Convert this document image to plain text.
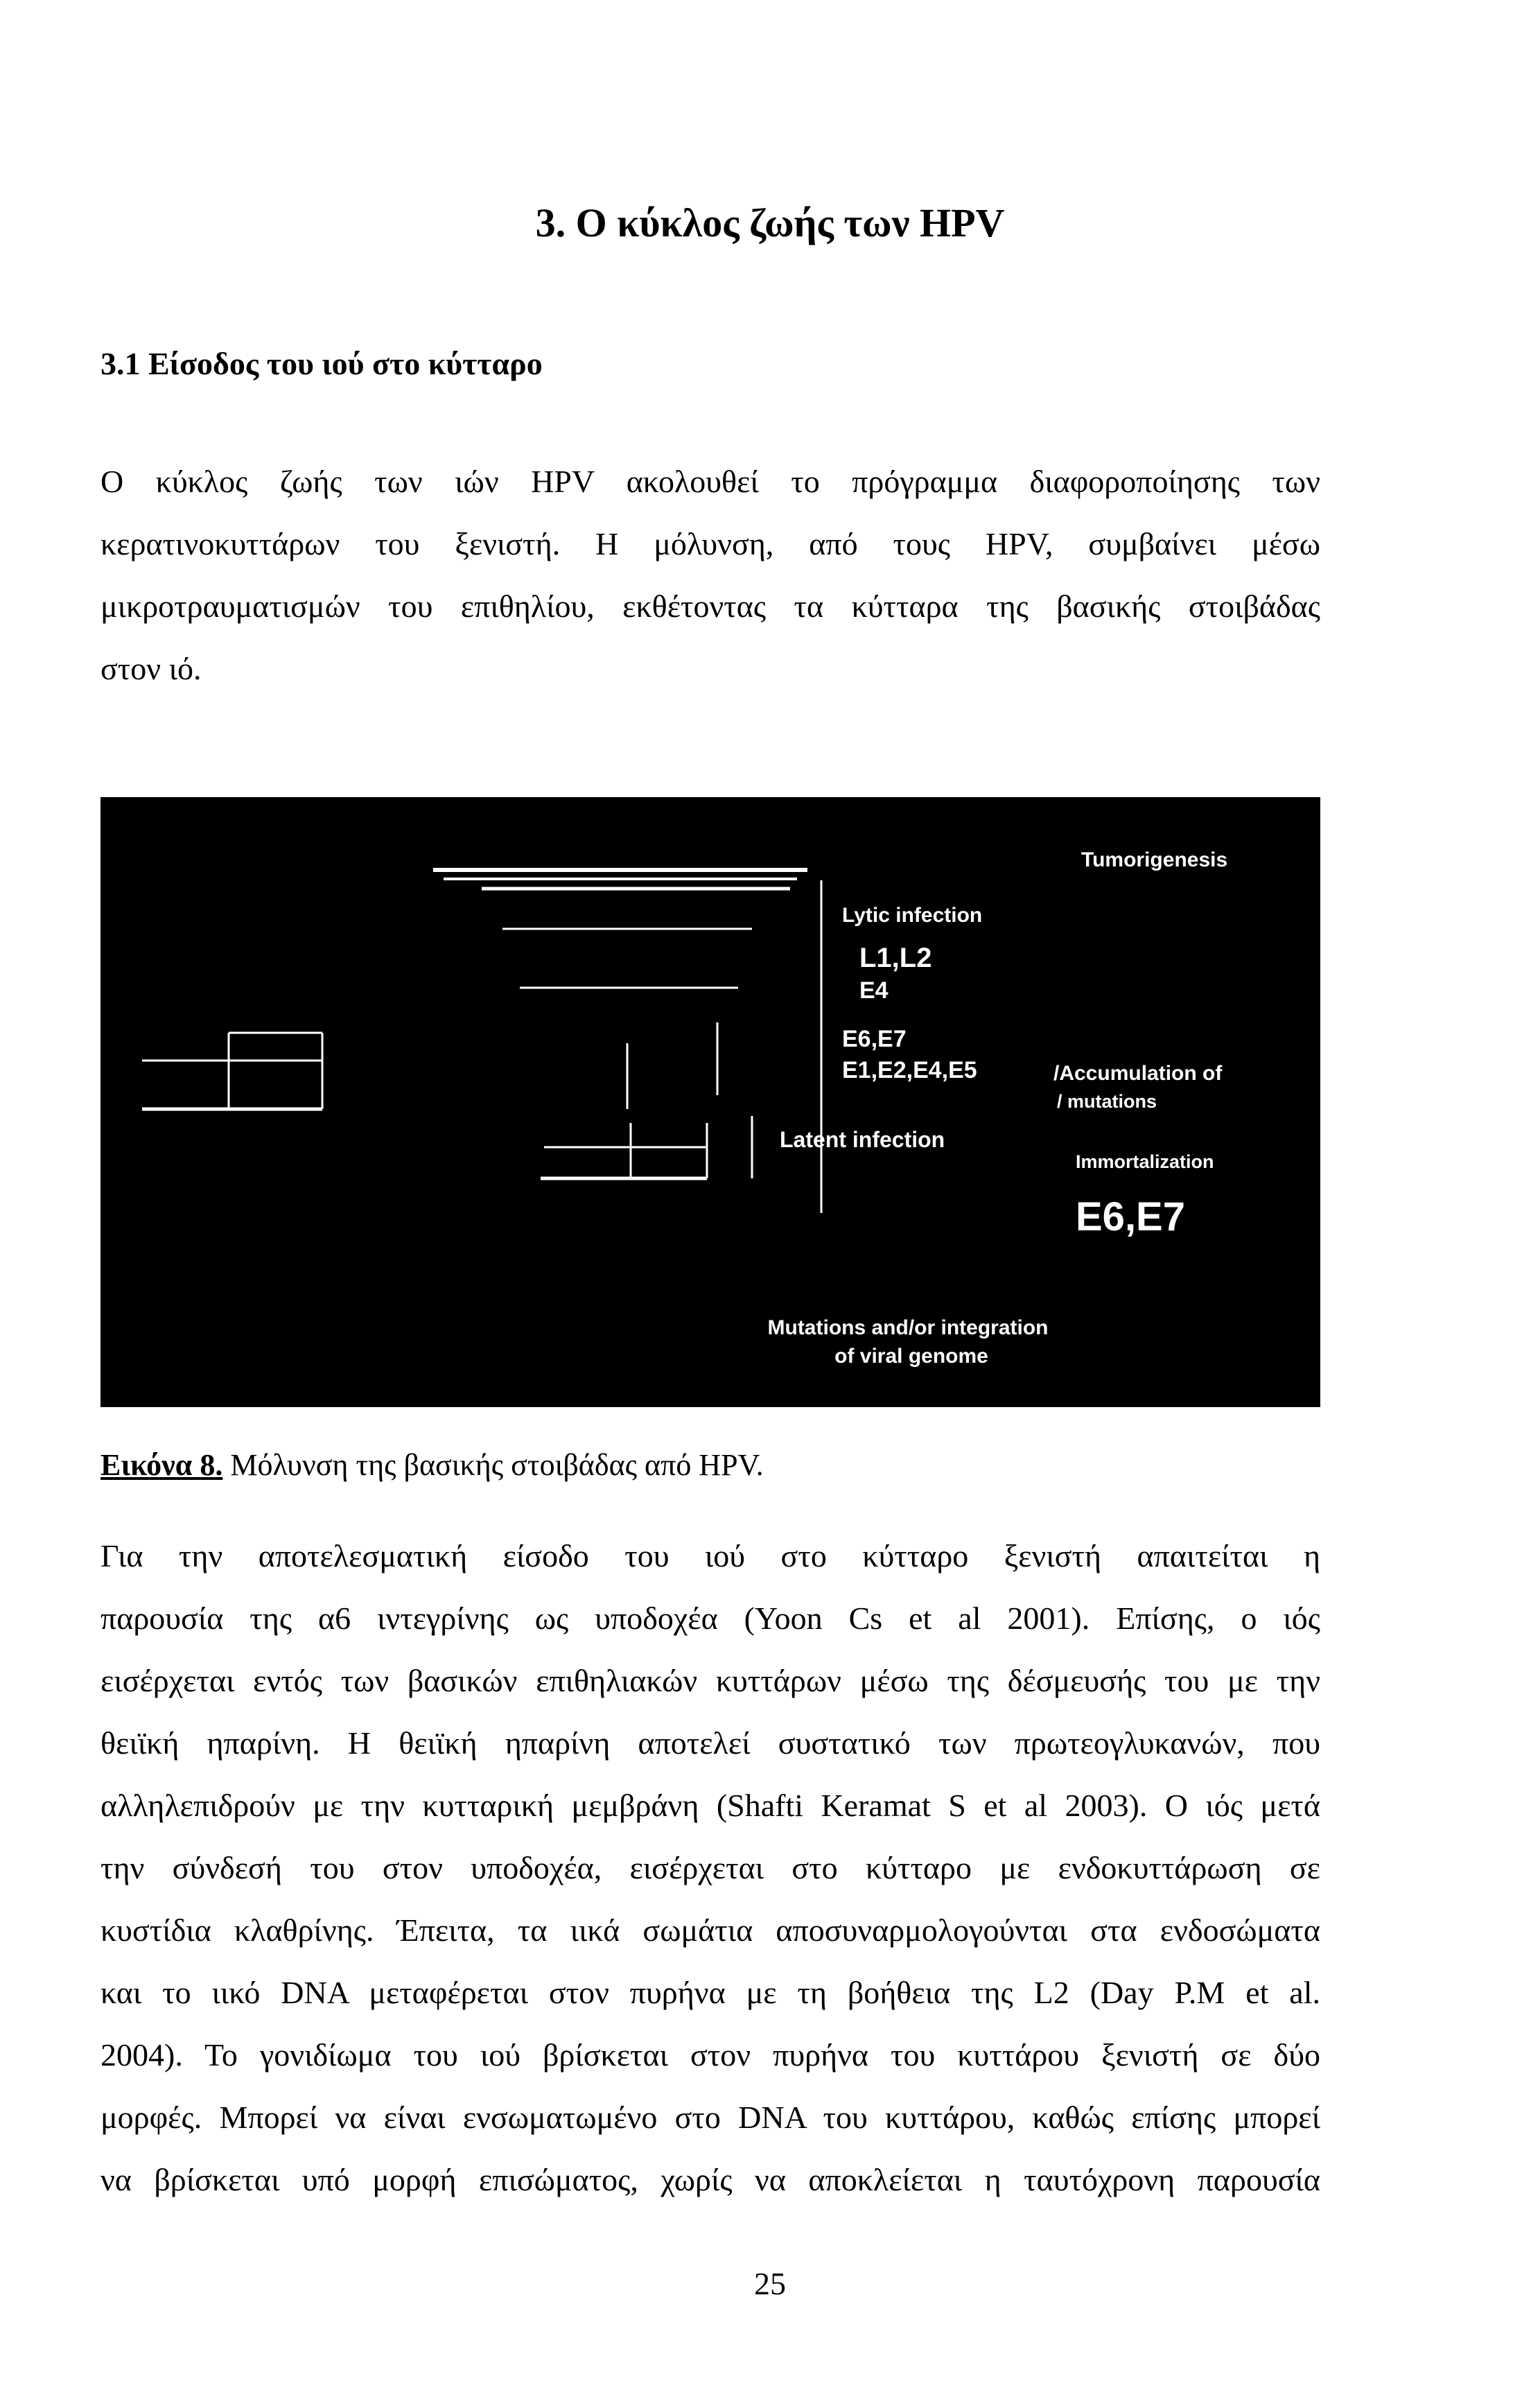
3. Ο κύκλος ζωής των HPV
3.1 Είσοδος του ιού στο κύτταρο
Ο κύκλος ζωής των ιών HPV ακολουθεί το πρόγραμμα διαφοροποίησης των
κερατινοκυττάρων του ξενιστή. Η μόλυνση, από τους HPV, συμβαίνει μέσω
μικροτραυματισμών του επιθηλίου, εκθέτοντας τα κύτταρα της βασικής στοιβάδας
στον ιό.
Tumorigenesis
Lytic infection
L1,L2
E4
E6,E7
E1,E2,E4,E5	/Accumulation of
/ mutations
Latent infection
Immortalization
E6,E7
Mutations and/or integration
of viral genome
Εικόνα 8. Μόλυνση της βασικής στοιβάδας από HPV.
Για την αποτελεσματική είσοδο του ιού στο κύτταρο ξενιστή απαιτείται η
παρουσία της α6 ιντεγρίνης ως υποδοχέα (Yoon Cs et al 2001). Επίσης, ο ιός
εισέρχεται εντός των βασικών επιθηλιακών κυττάρων μέσω της δέσμευσής του με την
θειϊκή ηπαρίνη. Η θειϊκή ηπαρίνη αποτελεί συστατικό των πρωτεογλυκανών, που
αλληλεπιδρούν με την κυτταρική μεμβράνη (Shafti Keramat S et al 2003). Ο ιός μετά
την σύνδεσή του στον υποδοχέα, εισέρχεται στο κύτταρο με ενδοκυττάρωση σε
κυστίδια κλαθρίνης. Έπειτα, τα ιικά σωμάτια αποσυναρμολογούνται στα ενδοσώματα
και το ιικό DNA μεταφέρεται στον πυρήνα με τη βοήθεια της L2 (Day P.M et al.
2004). Το γονιδίωμα του ιού βρίσκεται στον πυρήνα του κυττάρου ξενιστή σε δύο
μορφές. Μπορεί να είναι ενσωματωμένο στο DNA του κυττάρου, καθώς επίσης μπορεί
να βρίσκεται υπό μορφή επισώματος, χωρίς να αποκλείεται η ταυτόχρονη παρουσία
25
